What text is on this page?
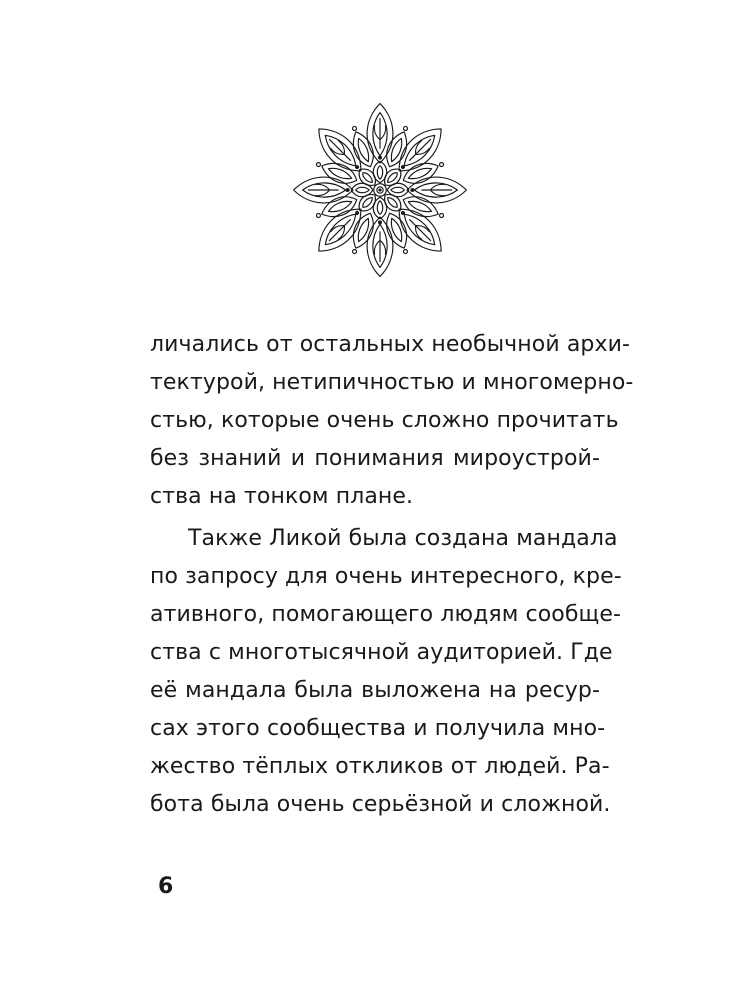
личались от остальных необычной архи-
тектурой, нетипичностью и многомерно-
стью, которые очень сложно прочитать
без знаний и понимания мироустрой-
ства на тонком плане.
Также Ликой была создана мандала
по запросу для очень интересного, кре-
ативного, помогающего людям сообще-
ства с многотысячной аудиторией. Где
её мандала была выложена на ресур-
сах этого сообщества и получила мно-
жество тёплых откликов от людей. Ра-
бота была очень серьёзной и сложной.
6
